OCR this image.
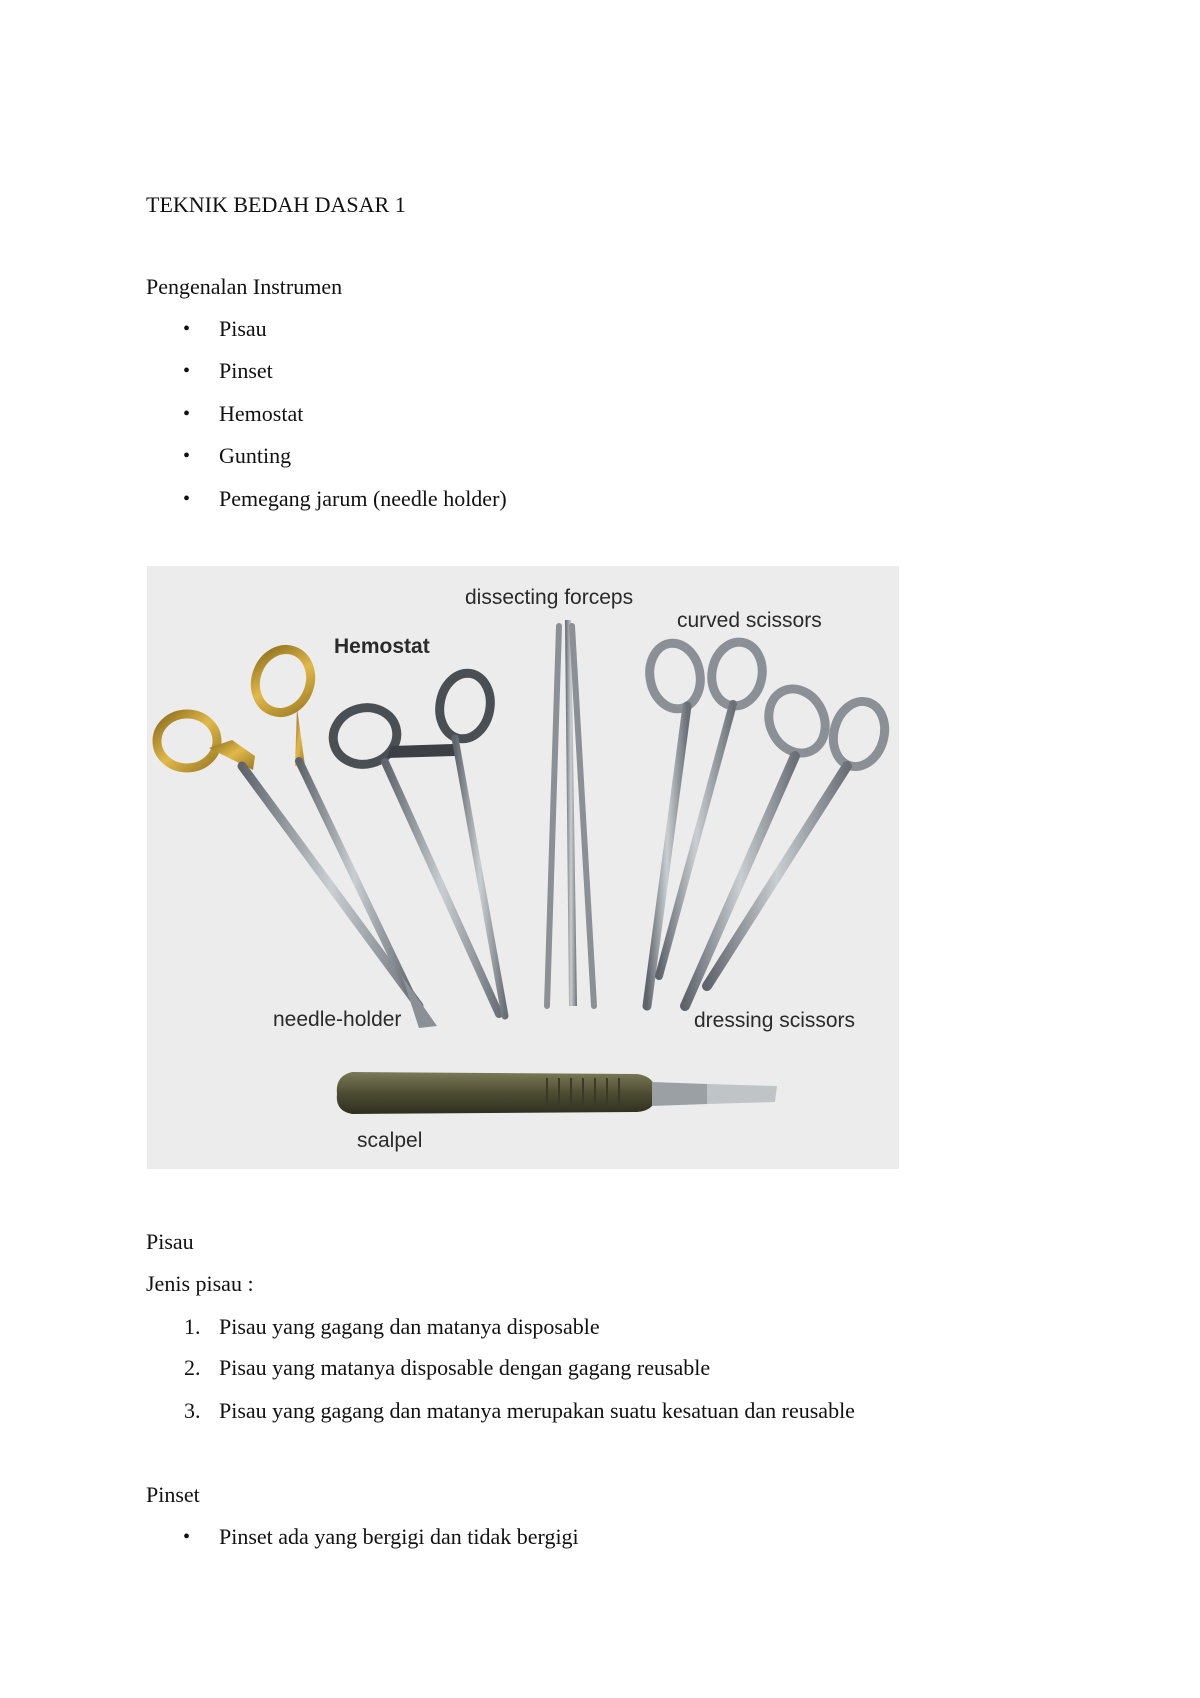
TEKNIK BEDAH DASAR 1
Pengenalan Instrumen
• Pisau
• Pinset
• Hemostat
• Gunting
• Pemegang jarum (needle holder)
dissecting forceps
curved scissors
Hemostat
needle-holder	dressing scissors
scalpel
Pisau
Jenis pisau :
1. Pisau yang gagang dan matanya disposable
2. Pisau yang matanya disposable dengan gagang reusable
3. Pisau yang gagang dan matanya merupakan suatu kesatuan dan reusable
Pinset
• Pinset ada yang bergigi dan tidak bergigi
